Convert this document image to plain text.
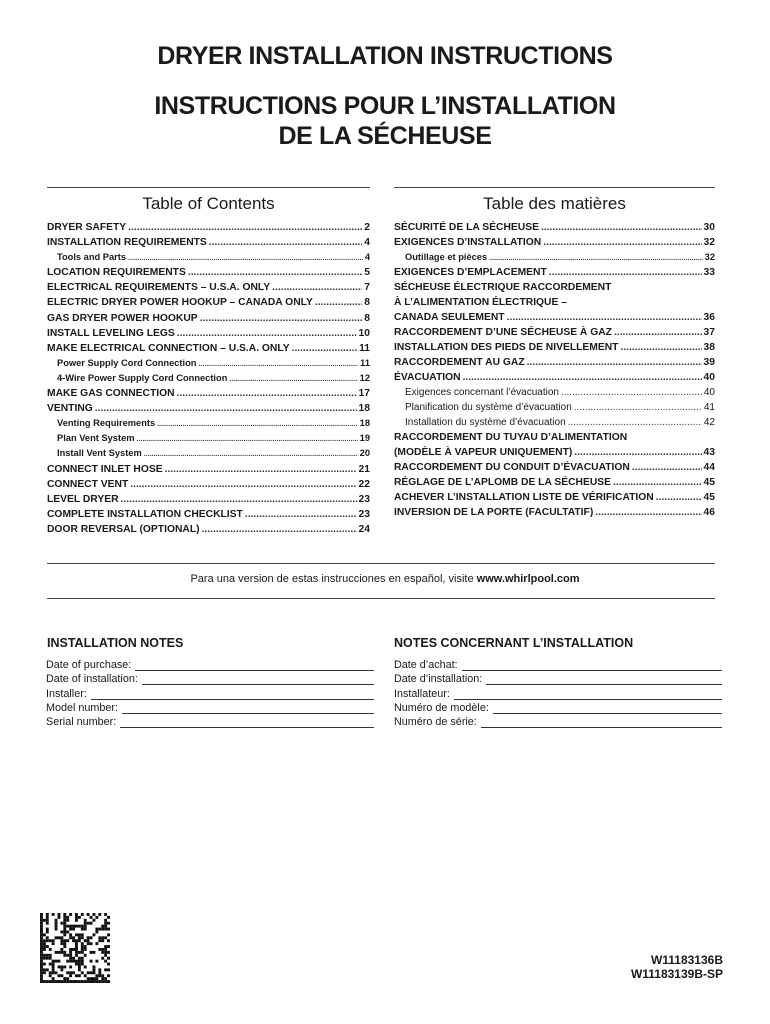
DRYER INSTALLATION INSTRUCTIONS
INSTRUCTIONS POUR L’INSTALLATION
DE LA SÉCHEUSE
Table of Contents	Table des matières
DRYER SAFETY .....	2
INSTALLATION REQUIREMENTS .....	4
Tools and Parts .....	4
LOCATION REQUIREMENTS .....	5
ELECTRICAL REQUIREMENTS – U.S.A. ONLY .....	7
ELECTRIC DRYER POWER HOOKUP – CANADA ONLY .....	8
GAS DRYER POWER HOOKUP .....	8
INSTALL LEVELING LEGS .....	10
MAKE ELECTRICAL CONNECTION – U.S.A. ONLY .....	11
Power Supply Cord Connection .....	11
4-Wire Power Supply Cord Connection .....	12
MAKE GAS CONNECTION .....	17
VENTING .....	18
Venting Requirements .....	18
Plan Vent System .....	19
Install Vent System .....	20
CONNECT INLET HOSE .....	21
CONNECT VENT .....	22
LEVEL DRYER .....	23
COMPLETE INSTALLATION CHECKLIST .....	23
DOOR REVERSAL (OPTIONAL) .....	24
SÉCURITÉ DE LA SÉCHEUSE .....	30
EXIGENCES D’INSTALLATION .....	32
Outillage et pièces .....	32
EXIGENCES D’EMPLACEMENT .....	33
SÉCHEUSE ÉLECTRIQUE RACCORDEMENT
À L’ALIMENTATION ÉLECTRIQUE –
CANADA SEULEMENT .....	36
RACCORDEMENT D’UNE SÉCHEUSE À GAZ .....	37
INSTALLATION DES PIEDS DE NIVELLEMENT .....	38
RACCORDEMENT AU GAZ .....	39
ÉVACUATION .....	40
Exigences concernant l’évacuation .....	40
Planification du système d’évacuation .....	41
Installation du système d’évacuation .....	42
RACCORDEMENT DU TUYAU D’ALIMENTATION
(MODÈLE À VAPEUR UNIQUEMENT) .....	43
RACCORDEMENT DU CONDUIT D’ÉVACUATION .....	44
RÉGLAGE DE L’APLOMB DE LA SÉCHEUSE .....	45
ACHEVER L’INSTALLATION LISTE DE VÉRIFICATION .....	45
INVERSION DE LA PORTE (FACULTATIF) .....	46
Para una version de estas instrucciones en español, visite www.whirlpool.com
INSTALLATION NOTES	NOTES CONCERNANT L’INSTALLATION
Date of purchase:
Date of installation:
Installer:
Model number:
Serial number:
Date d’achat:
Date d’installation:
Installateur:
Numéro de modèle:
Numéro de série:
W11183136B
W11183139B-SP
